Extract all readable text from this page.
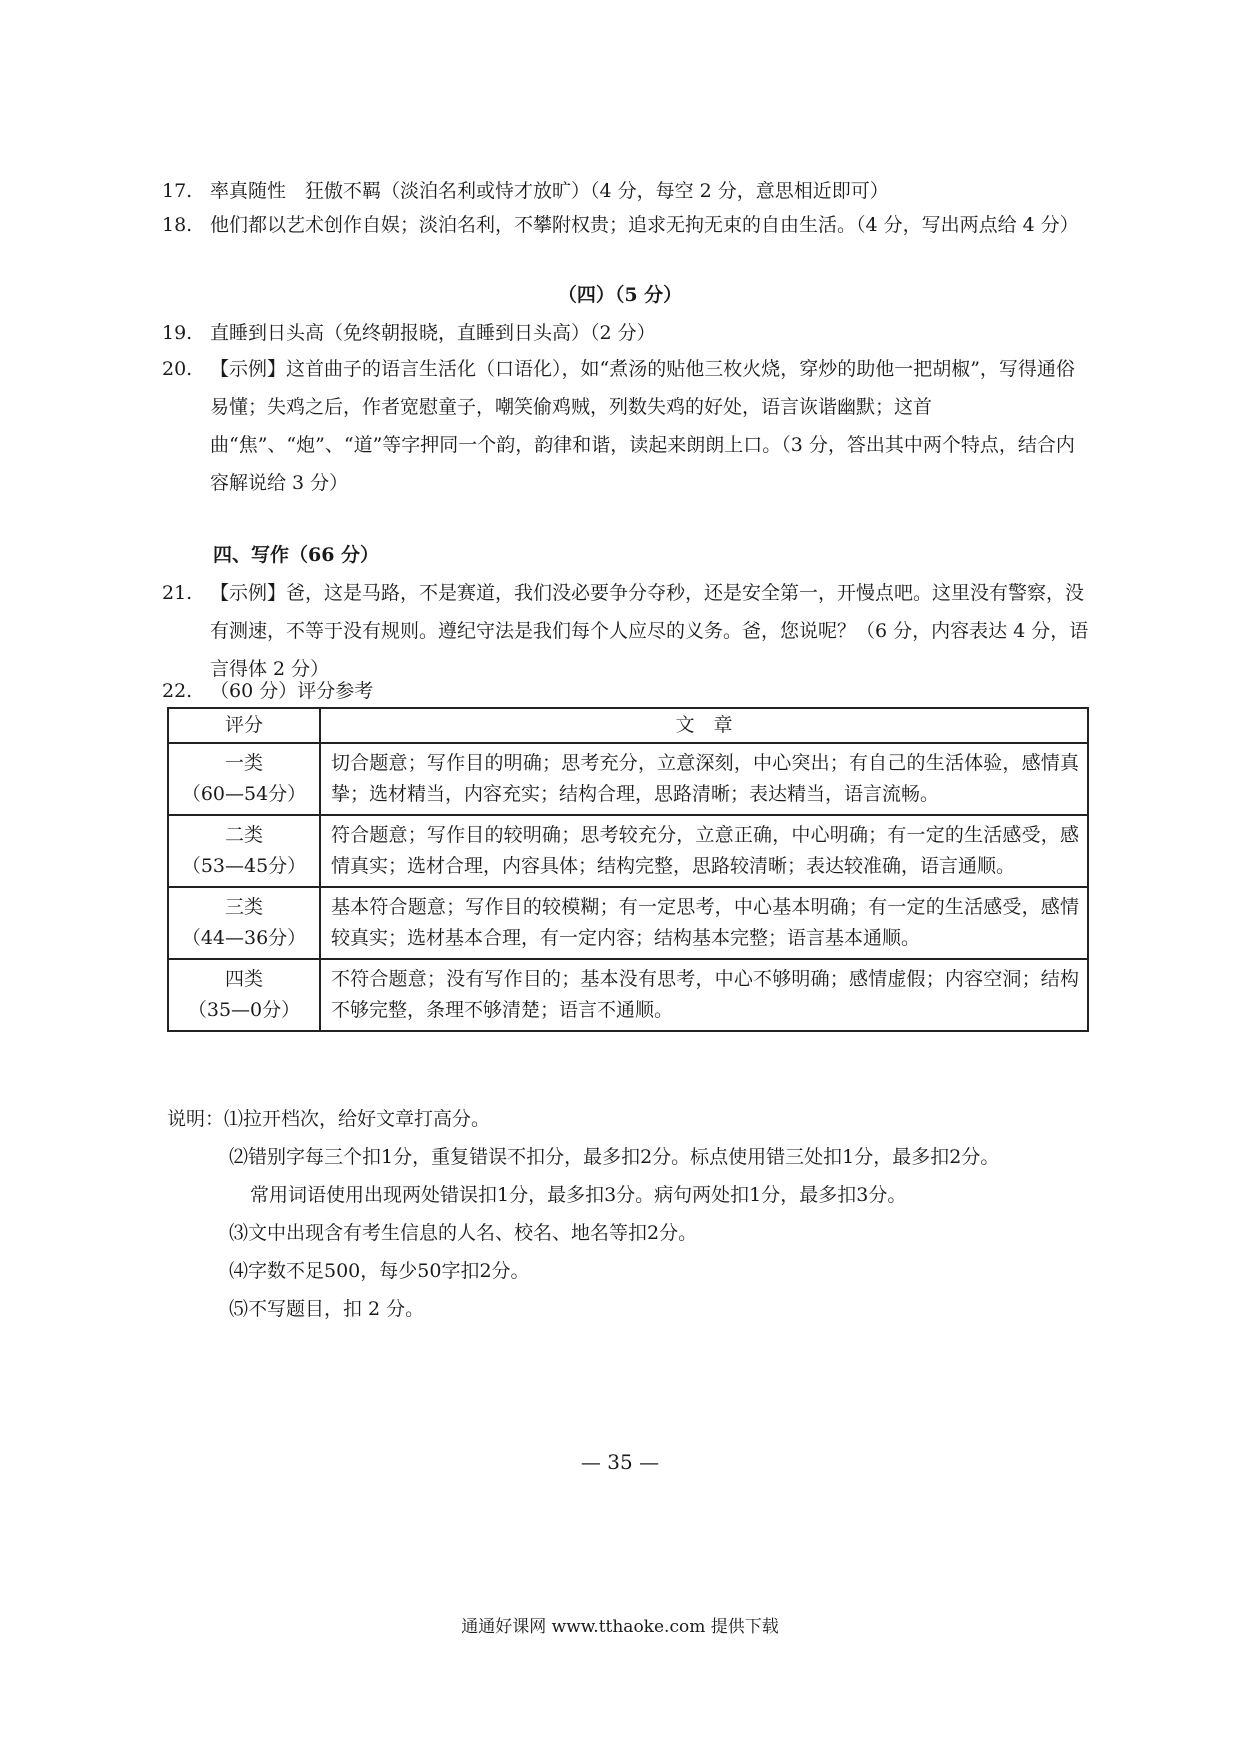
17. 率真随性　狂傲不羁（淡泊名利或恃才放旷）（4 分，每空 2 分，意思相近即可）
18. 他们都以艺术创作自娱；淡泊名利，不攀附权贵；追求无拘无束的自由生活。（4 分，写出两点给 4 分）
（四）（5 分）
19. 直睡到日头高（免终朝报晓，直睡到日头高）（2 分）
20. 【示例】这首曲子的语言生活化（口语化），如“煮汤的贴他三枚火烧，穿炒的助他一把胡椒”，写得通俗易懂；失鸡之后，作者宽慰童子，嘲笑偷鸡贼，列数失鸡的好处，语言诙谐幽默；这首曲“焦”、“炮”、“道”等字押同一个韵，韵律和谐，读起来朗朗上口。（3 分，答出其中两个特点，结合内容解说给 3 分）
四、写作（66 分）
21. 【示例】爸，这是马路，不是赛道，我们没必要争分夺秒，还是安全第一，开慢点吧。这里没有警察，没有测速，不等于没有规则。遵纪守法是我们每个人应尽的义务。爸，您说呢？（6 分，内容表达 4 分，语言得体 2 分）
22. （60 分）评分参考
评分	文　章

一类
（60—54分）	切合题意；写作目的明确；思考充分，立意深刻，中心突出；有自己的生活体验，感情真挚；选材精当，内容充实；结构合理，思路清晰；表达精当，语言流畅。

二类
（53—45分）	符合题意；写作目的较明确；思考较充分，立意正确，中心明确；有一定的生活感受，感情真实；选材合理，内容具体；结构完整，思路较清晰；表达较准确，语言通顺。

三类
（44—36分）	基本符合题意；写作目的较模糊；有一定思考，中心基本明确；有一定的生活感受，感情较真实；选材基本合理，有一定内容；结构基本完整；语言基本通顺。

四类
（35—0分）	不符合题意；没有写作目的；基本没有思考，中心不够明确；感情虚假；内容空洞；结构不够完整，条理不够清楚；语言不通顺。
说明：⑴拉开档次，给好文章打高分。
⑵错别字每三个扣1分，重复错误不扣分，最多扣2分。标点使用错三处扣1分，最多扣2分。
常用词语使用出现两处错误扣1分，最多扣3分。病句两处扣1分，最多扣3分。
⑶文中出现含有考生信息的人名、校名、地名等扣2分。
⑷字数不足500，每少50字扣2分。
⑸不写题目，扣 2 分。
— 35 —
通通好课网 www.tthaoke.com 提供下载
